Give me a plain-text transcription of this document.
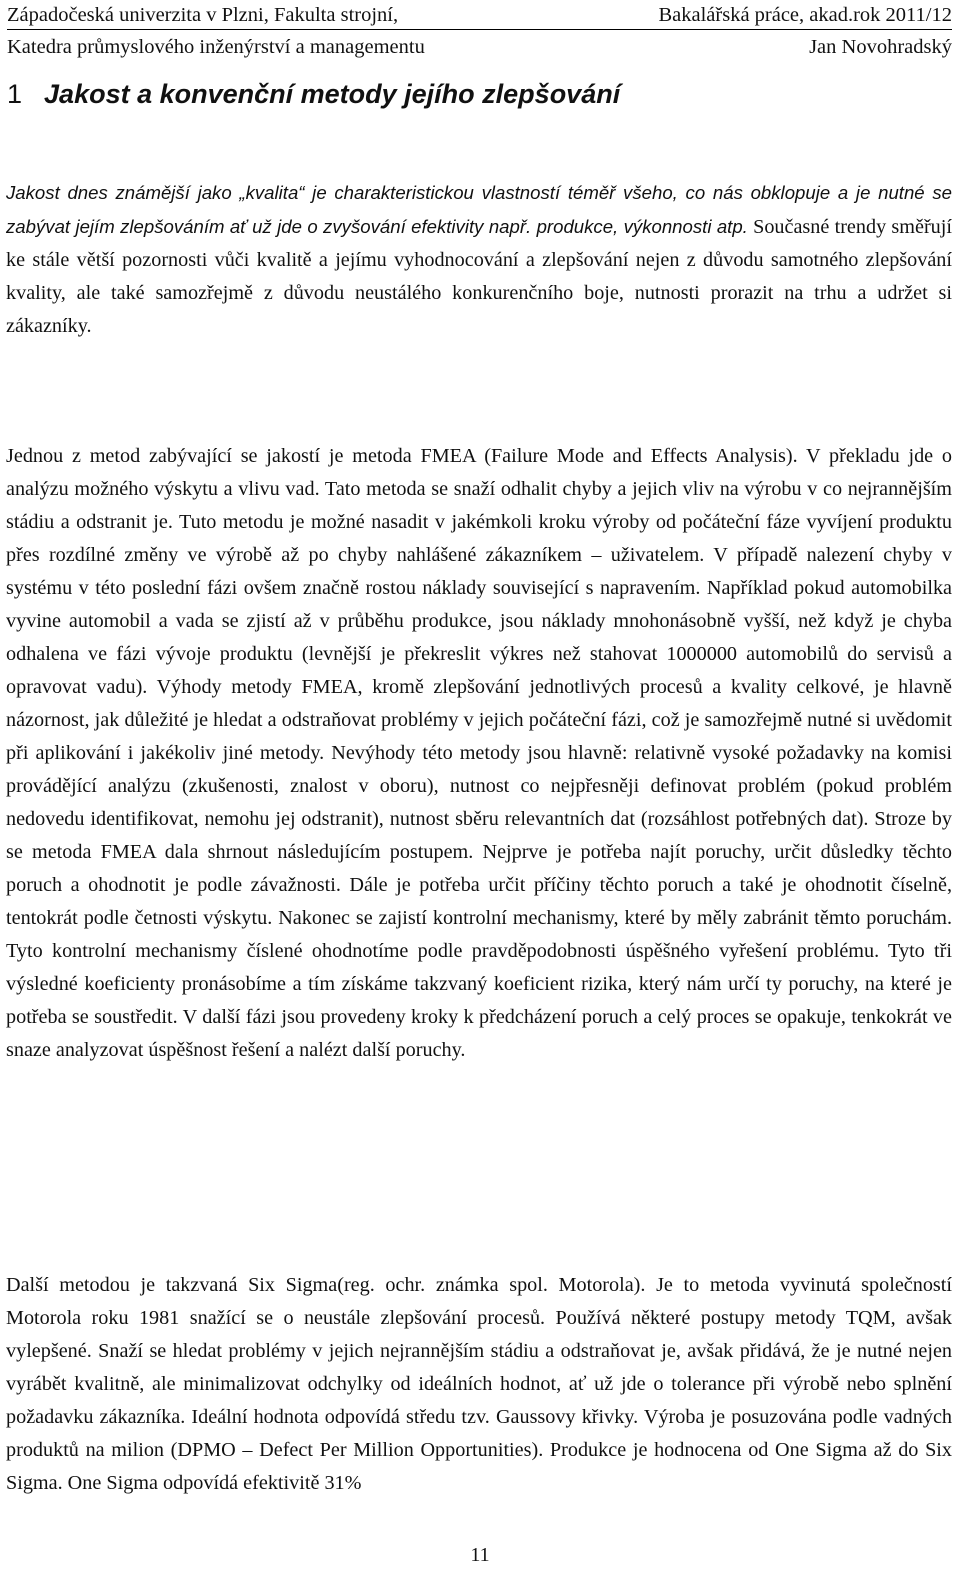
Západočeská univerzita v Plzni, Fakulta strojní,	Bakalářská práce, akad.rok 2011/12
Katedra průmyslového inženýrství a managementu	Jan Novohradský
1 Jakost a konvenční metody jejího zlepšování

Jakost dnes známější jako „kvalita“ je charakteristickou vlastností téměř všeho, co nás obklopuje a je nutné se zabývat jejím zlepšováním ať už jde o zvyšování efektivity např. produkce, výkonnosti atp. Současné trendy směřují ke stále větší pozornosti vůči kvalitě a jejímu vyhodnocování a zlepšování nejen z důvodu samotného zlepšování kvality, ale také samozřejmě z důvodu neustálého konkurenčního boje, nutnosti prorazit na trhu a udržet si zákazníky.

Jednou z metod zabývající se jakostí je metoda FMEA (Failure Mode and Effects Analysis). V překladu jde o analýzu možného výskytu a vlivu vad. Tato metoda se snaží odhalit chyby a jejich vliv na výrobu v co nejrannějším stádiu a odstranit je. Tuto metodu je možné nasadit v jakémkoli kroku výroby od počáteční fáze vyvíjení produktu přes rozdílné změny ve výrobě až po chyby nahlášené zákazníkem – uživatelem. V případě nalezení chyby v systému v této poslední fázi ovšem značně rostou náklady související s napravením. Například pokud automobilka vyvine automobil a vada se zjistí až v průběhu produkce, jsou náklady mnohonásobně vyšší, než když je chyba odhalena ve fázi vývoje produktu (levnější je překreslit výkres než stahovat 1000000 automobilů do servisů a opravovat vadu). Výhody metody FMEA, kromě zlepšování jednotlivých procesů a kvality celkové, je hlavně názornost, jak důležité je hledat a odstraňovat problémy v jejich počáteční fázi, což je samozřejmě nutné si uvědomit při aplikování i jakékoliv jiné metody. Nevýhody této metody jsou hlavně: relativně vysoké požadavky na komisi provádějící analýzu (zkušenosti, znalost v oboru), nutnost co nejpřesněji definovat problém (pokud problém nedovedu identifikovat, nemohu jej odstranit), nutnost sběru relevantních dat (rozsáhlost potřebných dat). Stroze by se metoda FMEA dala shrnout následujícím postupem. Nejprve je potřeba najít poruchy, určit důsledky těchto poruch a ohodnotit je podle závažnosti. Dále je potřeba určit příčiny těchto poruch a také je ohodnotit číselně, tentokrát podle četnosti výskytu. Nakonec se zajistí kontrolní mechanismy, které by měly zabránit těmto poruchám. Tyto kontrolní mechanismy číslené ohodnotíme podle pravděpodobnosti úspěšného vyřešení problému. Tyto tři výsledné koeficienty pronásobíme a tím získáme takzvaný koeficient rizika, který nám určí ty poruchy, na které je potřeba se soustředit. V další fázi jsou provedeny kroky k předcházení poruch a celý proces se opakuje, tenkokrát ve snaze analyzovat úspěšnost řešení a nalézt další poruchy.

Další metodou je takzvaná Six Sigma(reg. ochr. známka spol. Motorola). Je to metoda vyvinutá společností Motorola roku 1981 snažící se o neustále zlepšování procesů. Používá některé postupy metody TQM, avšak vylepšené. Snaží se hledat problémy v jejich nejrannějším stádiu a odstraňovat je, avšak přidává, že je nutné nejen vyrábět kvalitně, ale minimalizovat odchylky od ideálních hodnot, ať už jde o tolerance při výrobě nebo splnění požadavku zákazníka. Ideální hodnota odpovídá středu tzv. Gaussovy křivky. Výroba je posuzována podle vadných produktů na milion (DPMO – Defect Per Million Opportunities). Produkce je hodnocena od One Sigma až do Six Sigma. One Sigma odpovídá efektivitě 31%

11
